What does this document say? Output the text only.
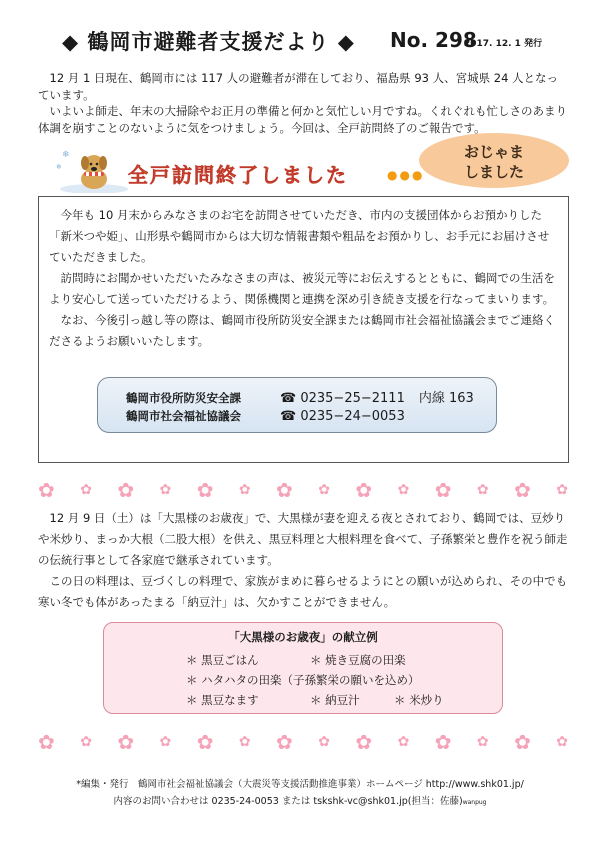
◆ 鶴岡市避難者支援だより ◆ No. 298
2017. 12. 1 発行

12 月 1 日現在、鶴岡市には 117 人の避難者が滞在しており、福島県 93 人、宮城県 24 人となっています。

いよいよ師走、年末の大掃除やお正月の準備と何かと気忙しい月ですね。くれぐれも忙しさのあまり体調を崩すことのないように気をつけましょう。今回は、全戸訪問終了のご報告です。

❄
❄	全戸訪問終了しました	●●●
おじゃま
しました

今年も 10 月末からみなさまのお宅を訪問させていただき、市内の支援団体からお預かりした「新米つや姫」、山形県や鶴岡市からは大切な情報書類や粗品をお預かりし、お手元にお届けさせていただきました。

訪問時にお聞かせいただいたみなさまの声は、被災元等にお伝えするとともに、鶴岡での生活をより安心して送っていただけるよう、関係機関と連携を深め引き続き支援を行なってまいります。

なお、今後引っ越し等の際は、鶴岡市役所防災安全課または鶴岡市社会福祉協議会までご連絡くださるようお願いいたします。

鶴岡市役所防災安全課	☎ 0235−25−2111 内線 163
鶴岡市社会福祉協議会	☎ 0235−24−0053
✿ ✿ ✿ ✿ ✿ ✿ ✿ ✿ ✿ ✿ ✿ ✿ ✿ ✿

12 月 9 日（土）は「大黒様のお歳夜」で、大黒様が妻を迎える夜とされており、鶴岡では、豆炒りや米炒り、まっか大根（二股大根）を供え、黒豆料理と大根料理を食べて、子孫繁栄と豊作を祝う師走の伝統行事として各家庭で継承されています。

この日の料理は、豆づくしの料理で、家族がまめに暮らせるようにとの願いが込められ、その中でも寒い冬でも体があったまる「納豆汁」は、欠かすことができません。

「大黒様のお歳夜」の献立例
＊ 黒豆ごはん	＊ 焼き豆腐の田楽
＊ ハタハタの田楽（子孫繁栄の願いを込め）
＊ 黒豆なます	＊ 納豆汁	＊ 米炒り
✿ ✿ ✿ ✿ ✿ ✿ ✿ ✿ ✿ ✿ ✿ ✿ ✿ ✿
*編集・発行　鶴岡市社会福祉協議会（大震災等支援活動推進事業）ホームページ http://www.shk01.jp/
内容のお問い合わせは 0235-24-0053 または tskshk-vc@shk01.jp(担当：佐藤)wanpug
